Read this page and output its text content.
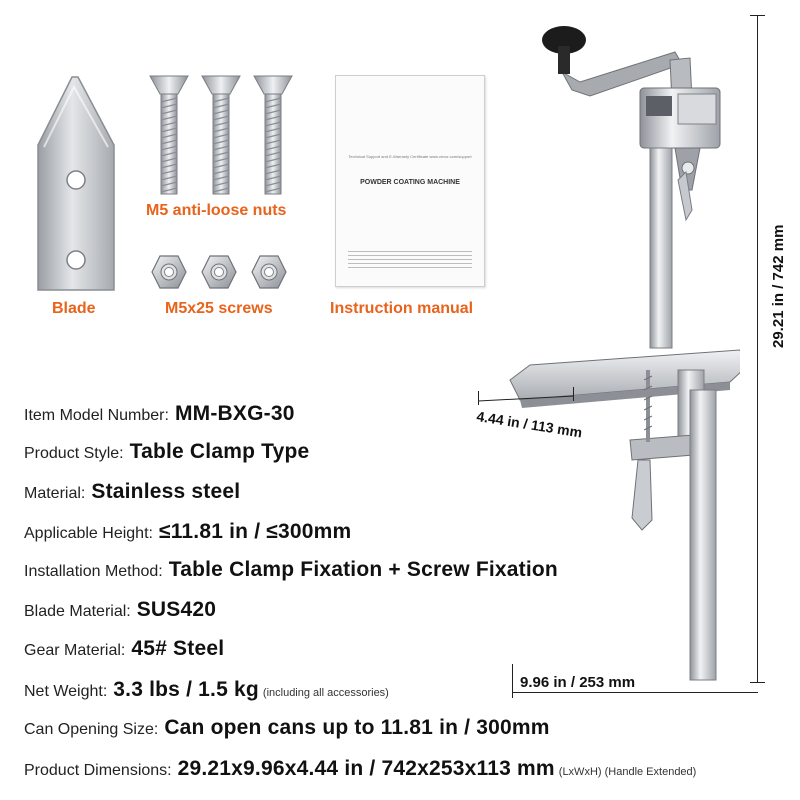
Blade
M5 anti-loose nuts
M5x25 screws
Technical Support and E-Warranty Certificate www.vevor.com/support
POWDER COATING MACHINE
Instruction manual	29.21 in / 742 mm
4.44 in / 113 mm
9.96 in / 253 mm
Item Model Number: MM-BXG-30
Product Style: Table Clamp Type
Material: Stainless steel
Applicable Height: ≤11.81 in / ≤300mm
Installation Method: Table Clamp Fixation + Screw Fixation
Blade Material: SUS420
Gear Material: 45# Steel
Net Weight: 3.3 lbs / 1.5 kg (including all accessories)
Can Opening Size: Can open cans up to 11.81 in / 300mm
Product Dimensions: 29.21x9.96x4.44 in / 742x253x113 mm (LxWxH) (Handle Extended)
